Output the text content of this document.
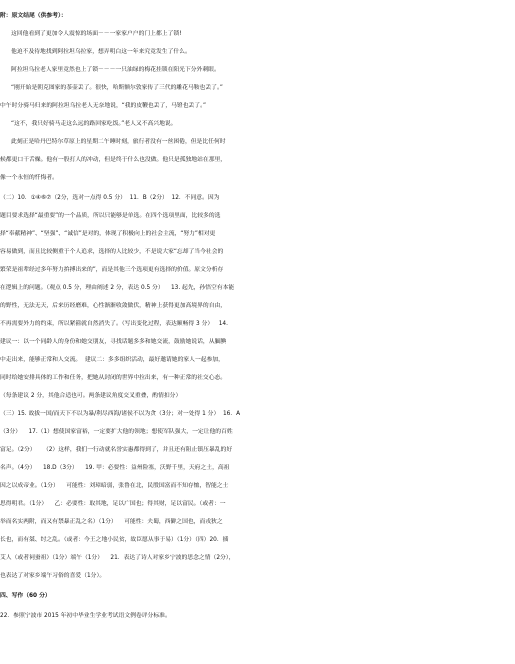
附：原文结尾（供参考）：
这回他看到了更加令人震惊的场面－－一家家户户的门上都上了锁!
他迫不及待地找到阿拉坦乌拉家，想弄明白这一年来究竟发生了什么。
阿拉坦乌拉老人家里竟然也上了锁－－－一只油绿的梅花挂锁在阳光下分外刺眼。
“刚开始是朝克图家的茶壶丢了。很快，哈斯额尔敦家传了三代的雕花马鞍也丢了。”
中午时分骑马归来的阿拉坦乌拉老人无奈地说，“我的皮鞭也丢了，马镫也丢了。”
“这不，我只好骑马走这么远的路回家吃饭。”老人又不高兴地说。
此刻正是哈丹巴特尔草原上的星期二午睡时刻，旅行者没有一丝困倦，但是比任何时
候都更口干舌燥。他有一股打人的冲动，但是终于什么也没做。他只是孤独地站在那里，
像一个永恒的忏悔者。
（二）10．①④⑥⑦（2分，选对一点得 0.5 分）  11．B（2分）  12．不同意。因为
题目要求选择“最重要”的一个品质，所以只能够是单选。在四个选项里面，比较多的选
择“奉献精神”、“坚强”、“诚信”是对的，体现了积极向上的社会主流，“努力”相对更
容易做到，而且比较侧重于个人追求，选择的人比较少，不是说大家“忘却了当今社会的
繁荣是祖辈经过多年努力拚搏出来的”，而是其他三个选项更有选择的价值。原文分析存
在逻辑上的问题。（观点 0.5 分，理由阐述 2 分，表达 0.5 分）    13. 起先，孙悟空有本能
的野性，无法无天，后来历经磨难，心性渐渐收敛做伏，精神上获得更加高境界的自由，
不再需要外力的约束，所以紧箍就自然消失了。（写出变化过程，表达顺畅得 3 分）   14.
建议一：以一个同龄人的身份和她交朋友，寻找话题多多和她交流，鼓励她说话，从腼腆
中走出来，能够正常和人交流。  建议二：多多组织活动，最好邀请她的家人一起参加，
同时给她安排具体的工作和任务，把她从封闭的世界中拉出来，有一种正常的社交心态。
（每条建议 2 分，其他合适也可。两条建议角度交叉重叠，酌情扣分）
（三）15. 故拔一国/而天下不以为暴/利尽西海/诸侯不以为贪（3分；对一处得 1 分）  16．A
（3分）    17.（1）想使国家富裕，一定要扩大他的领地；想使军队强大，一定让他的百姓
富足。（2分）    （2）这样，我们一行动就名誉实惠都得到了，并且还有阻止镇压暴乱的好
名声。（4分）    18.D（3分）    19. 甲：必要性：益州险塞，沃野千里，天府之土，高祖
因之以成帝业。（1分）    可能性：刘璋暗弱，张鲁在北，民殷国富而不知存恤，智能之士
思得明君。（1分）    乙：必要性：取其地，足以广国也；得其财，足以富民。（或者：一
举而名实两附，而又有禁暴正乱之名）（1分）    可能性：夫蜀，西僻之国也，而戎狄之
长也，而有桀、纣之乱。（或者：今王之地小民贫，故臣愿从事于易）（1分）（四）20．插
艾人（或者祠蚕祖）（1分）端午（1分）    21．表达了诗人对家乡宁波的思念之情（2分），
也表达了对家乡端午习俗的喜爱（1分）。
四、写作（60 分）
22．参照宁波市 2015 年初中毕业生学业考试语文例卷评分标准。
